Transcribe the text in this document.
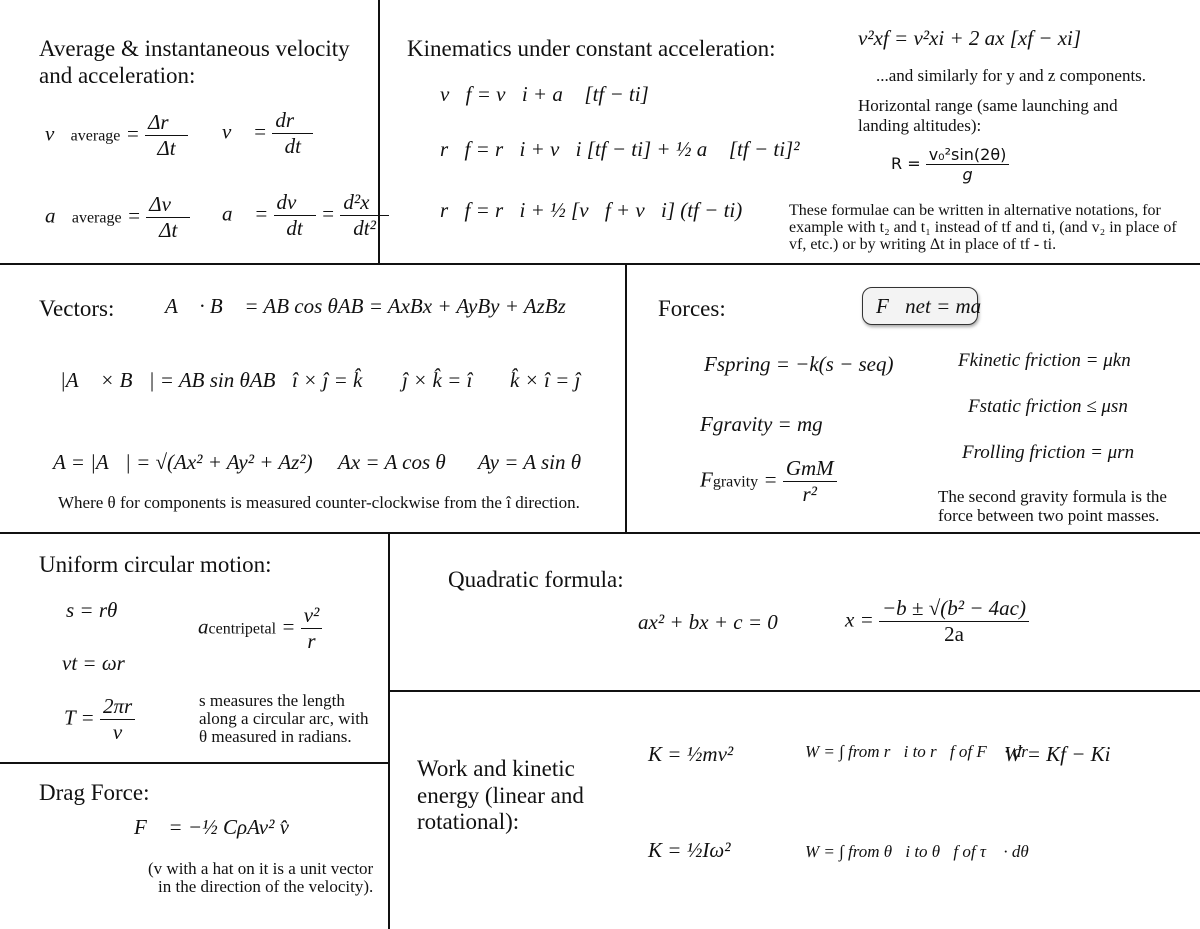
Average & instantaneous velocity
and acceleration:
v⃗average = $\frac{\Delta r⃗}{\Delta t}$ v⃗ = $\frac{dr⃗}{dt}$
a⃗average = $\frac{\Delta v⃗}{\Delta t}$ a⃗ = $\frac{dv⃗}{dt} = \frac{\text{d²x⃗}}{\text{dt²}}$
Kinematics under constant acceleration:
v⃗f = v⃗i + a⃗ [tf − ti]
r⃗f = r⃗i + v⃗i [tf − ti] + ½ a⃗ [tf − ti]²
r⃗f = r⃗i + ½ [v⃗f + v⃗i] (tf − ti)
v²xf = v²xi + 2 ax [xf − xi]
...and similarly for y and z components.
Horizontal range (same launching and
landing altitudes):
$R = \frac{\text{v₀²sin(2θ)}}{g}$
These formulae can be written in alternative notations, for
example with t₂ and t₁ instead of tf and ti, (and v₂ in place of
vf, etc.) or by writing Δt in place of tf - ti.
Vectors: A⃗ · B⃗ = AB cos θAB = AxBx + AyBy + AzBz
|A⃗ × B⃗| = AB sin θAB î × ĵ = k̂ ĵ × k̂ = î k̂ × î = ĵ
A = |A⃗| = √(Ax² + Ay² + Az²) Ax = A cos θ Ay = A sin θ
Where θ for components is measured counter-clockwise from the î direction.
Forces:	F⃗net = ma⃗
Fspring = −k(s − seq)
Fgravity = mg
Fgravity = $\frac{\text{GmM}}{\text{r²}}$
Fkinetic friction = μkn
Fstatic friction ≤ μsn
Frolling friction = μrn
The second gravity formula is the
force between two point masses.
Uniform circular motion:
s = rθ
vt = ωr
$T = \frac{2\pi r}{v}$
acentripetal = $\frac{\text{v²}}{r}$
s measures the length
along a circular arc, with
θ measured in radians.
Quadratic formula:
ax² + bx + c = 0	$x = \frac{\text{−b ± √(b² − 4ac)}}{2a}$
Drag Force:
F⃗ = −½ CρAv² v̂
(v with a hat on it is a unit vector
in the direction of the velocity).
Work and kinetic
energy (linear and
rotational):
K = ½mv²
K = ½Iω²
W = ∫ from r⃗i to r⃗f of F⃗ · dr⃗
W = ∫ from θ⃗i to θ⃗f of τ⃗ · dθ⃗
W = Kf − Ki
